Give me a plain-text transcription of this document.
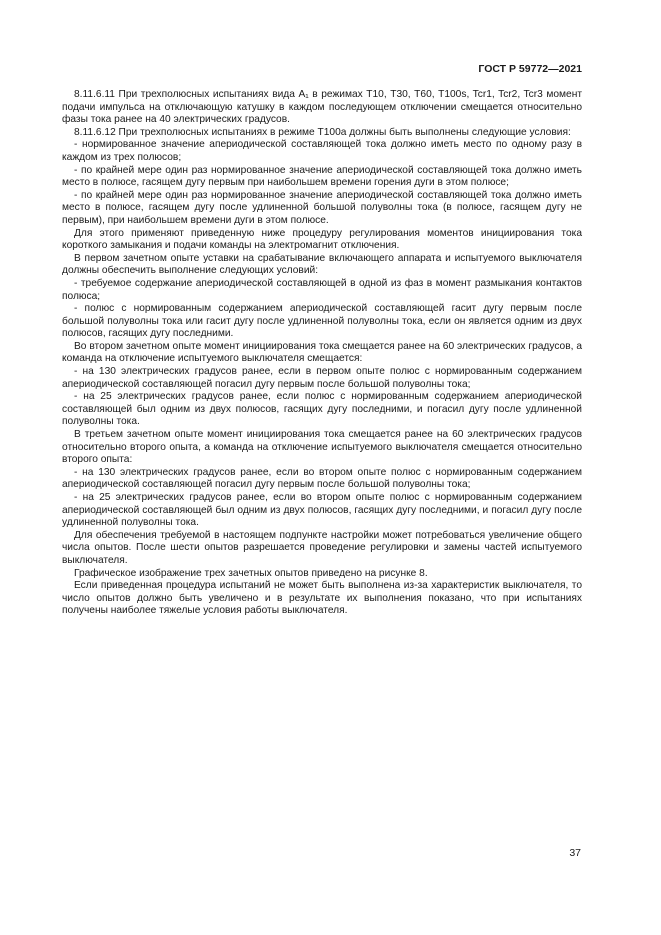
ГОСТ Р 59772—2021

8.11.6.11 При трехполюсных испытаниях вида A₁ в режимах Т10, Т30, Т60, Т100s, Tcr1, Tcr2, Tcr3 момент подачи импульса на отключающую катушку в каждом последующем отключении смещается относительно фазы тока ранее на 40 электрических градусов.

8.11.6.12 При трехполюсных испытаниях в режиме Т100а должны быть выполнены следующие условия:

- нормированное значение апериодической составляющей тока должно иметь место по одному разу в каждом из трех полюсов;

- по крайней мере один раз нормированное значение апериодической составляющей тока должно иметь место в полюсе, гасящем дугу первым при наибольшем времени горения дуги в этом полюсе;

- по крайней мере один раз нормированное значение апериодической составляющей тока должно иметь место в полюсе, гасящем дугу после удлиненной большой полуволны тока (в полюсе, гасящем дугу не первым), при наибольшем времени дуги в этом полюсе.

Для этого применяют приведенную ниже процедуру регулирования моментов инициирования тока короткого замыкания и подачи команды на электромагнит отключения.

В первом зачетном опыте уставки на срабатывание включающего аппарата и испытуемого выключателя должны обеспечить выполнение следующих условий:

- требуемое содержание апериодической составляющей в одной из фаз в момент размыкания контактов полюса;

- полюс с нормированным содержанием апериодической составляющей гасит дугу первым после большой полуволны тока или гасит дугу после удлиненной полуволны тока, если он является одним из двух полюсов, гасящих дугу последними.

Во втором зачетном опыте момент инициирования тока смещается ранее на 60 электрических градусов, а команда на отключение испытуемого выключателя смещается:

- на 130 электрических градусов ранее, если в первом опыте полюс с нормированным содержанием апериодической составляющей погасил дугу первым после большой полуволны тока;

- на 25 электрических градусов ранее, если полюс с нормированным содержанием апериодической составляющей был одним из двух полюсов, гасящих дугу последними, и погасил дугу после удлиненной полуволны тока.

В третьем зачетном опыте момент инициирования тока смещается ранее на 60 электрических градусов относительно второго опыта, а команда на отключение испытуемого выключателя смещается относительно второго опыта:

- на 130 электрических градусов ранее, если во втором опыте полюс с нормированным содержанием апериодической составляющей погасил дугу первым после большой полуволны тока;

- на 25 электрических градусов ранее, если во втором опыте полюс с нормированным содержанием апериодической составляющей был одним из двух полюсов, гасящих дугу последними, и погасил дугу после удлиненной полуволны тока.

Для обеспечения требуемой в настоящем подпункте настройки может потребоваться увеличение общего числа опытов. После шести опытов разрешается проведение регулировки и замены частей испытуемого выключателя.

Графическое изображение трех зачетных опытов приведено на рисунке 8.

Если приведенная процедура испытаний не может быть выполнена из-за характеристик выключателя, то число опытов должно быть увеличено и в результате их выполнения показано, что при испытаниях получены наиболее тяжелые условия работы выключателя.

37
